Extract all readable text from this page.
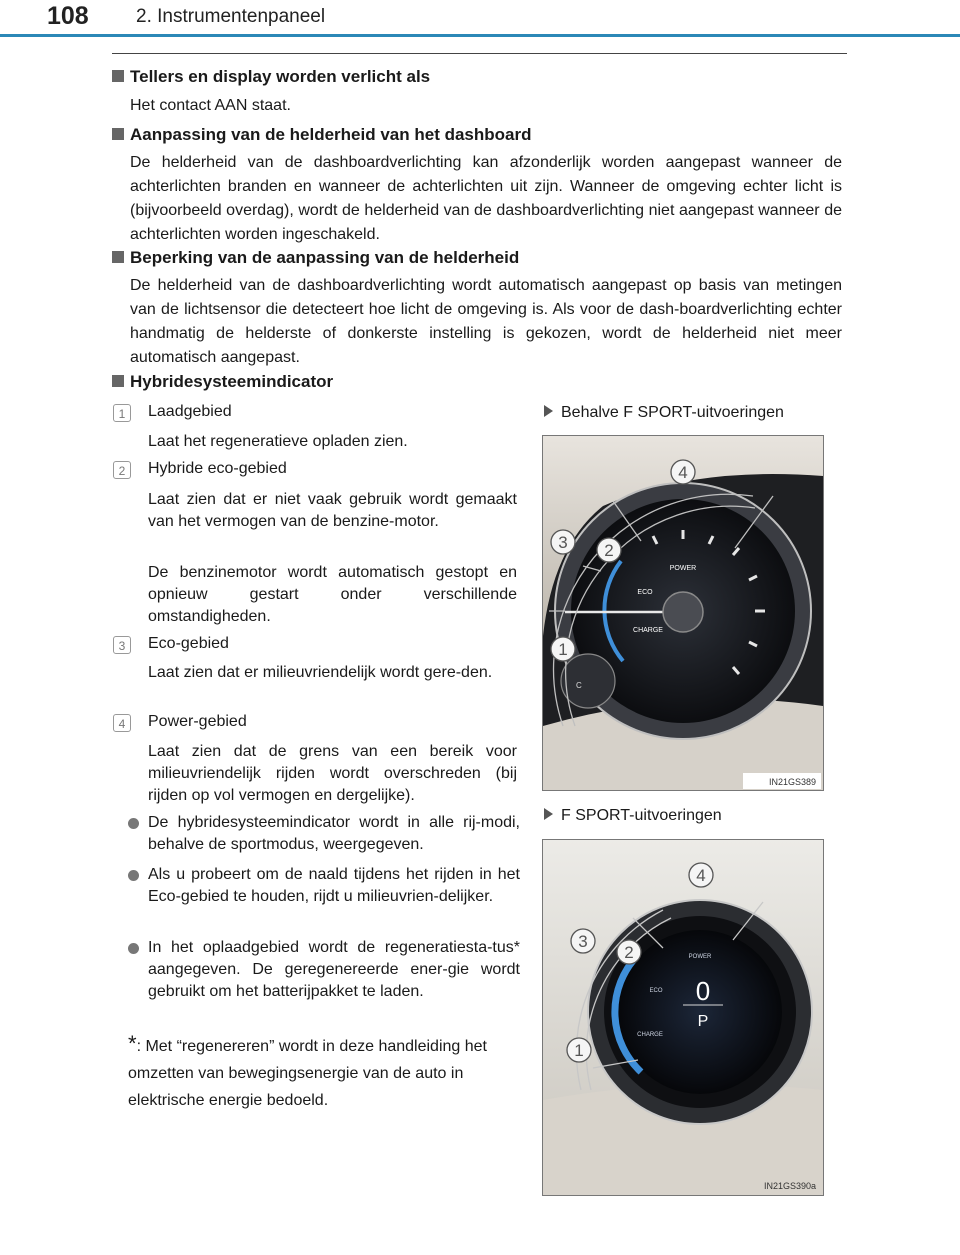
108 2. Instrumentenpaneel
Tellers en display worden verlicht als
Het contact AAN staat.
Aanpassing van de helderheid van het dashboard
De helderheid van de dashboardverlichting kan afzonderlijk worden aangepast wanneer de achterlichten branden en wanneer de achterlichten uit zijn. Wanneer de omgeving echter licht is (bijvoorbeeld overdag), wordt de helderheid van de dashboardverlichting niet aangepast wanneer de achterlichten worden ingeschakeld.
Beperking van de aanpassing van de helderheid
De helderheid van de dashboardverlichting wordt automatisch aangepast op basis van metingen van de lichtsensor die detecteert hoe licht de omgeving is. Als voor de dash-boardverlichting echter handmatig de helderste of donkerste instelling is gekozen, wordt de helderheid niet meer automatisch aangepast.
Hybridesysteemindicator
1	Laadgebied
Laat het regeneratieve opladen zien.
2	Hybride eco-gebied
Laat zien dat er niet vaak gebruik wordt gemaakt van het vermogen van de benzine-motor.
De benzinemotor wordt automatisch gestopt en opnieuw gestart onder verschillende omstandigheden.
3	Eco-gebied
Laat zien dat er milieuvriendelijk wordt gere-den.
4	Power-gebied
Laat zien dat de grens van een bereik voor milieuvriendelijk rijden wordt overschreden (bij rijden op vol vermogen en dergelijke).
De hybridesysteemindicator wordt in alle rij-modi, behalve de sportmodus, weergegeven.
Als u probeert om de naald tijdens het rijden in het Eco-gebied te houden, rijdt u milieuvrien-delijker.
In het oplaadgebied wordt de regeneratiesta-tus* aangegeven. De geregenereerde ener-gie wordt gebruikt om het batterijpakket te laden.
*: Met “regenereren” wordt in deze handleiding het omzetten van bewegingsenergie van de auto in elektrische energie bedoeld.
Behalve F SPORT-uitvoeringen
POWER
ECO
CHARGE
C
4
3 2
1
IN21GS389
F SPORT-uitvoeringen
POWER
ECO
CHARGE
0
P
4
3
2
1
IN21GS390a
